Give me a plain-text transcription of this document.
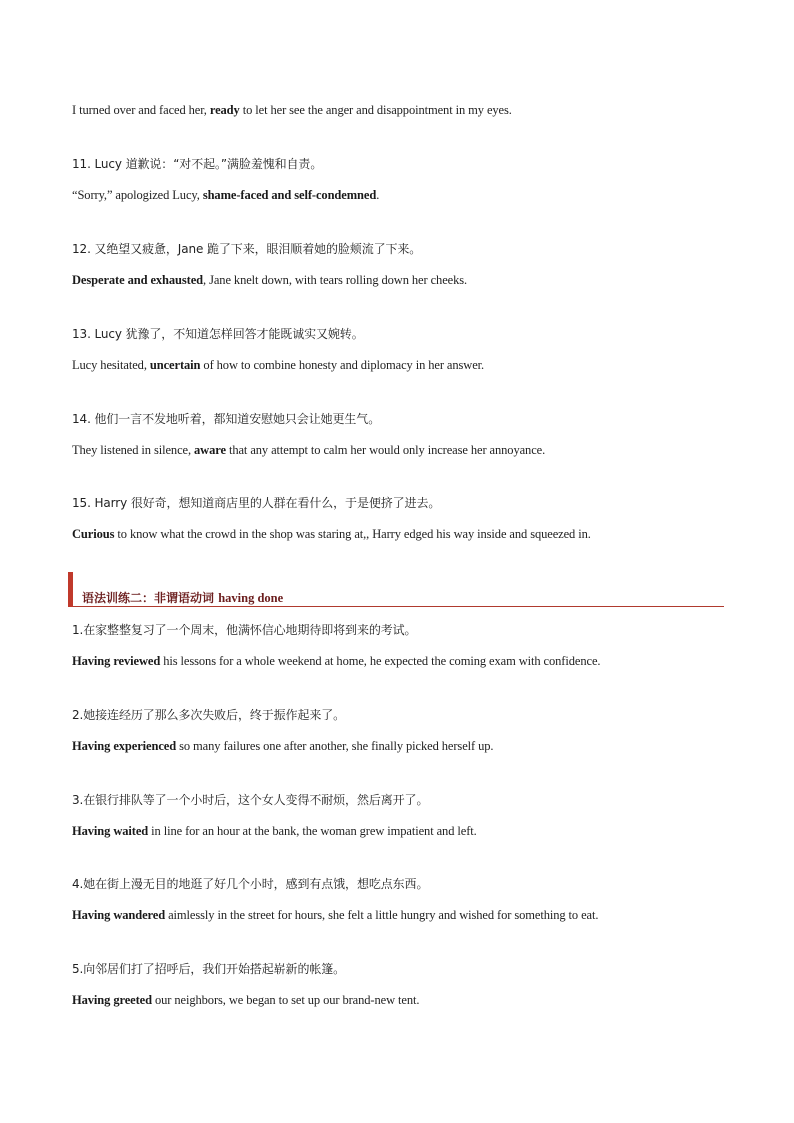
I turned over and faced her, ready to let her see the anger and disappointment in my eyes.
11. Lucy 道歉说：“对不起。”满脸羞愧和自责。
“Sorry,” apologized Lucy, shame-faced and self-condemned.
12. 又绝望又疲惫，Jane 跪了下来，眼泪顺着她的脸颊流了下来。
Desperate and exhausted, Jane knelt down, with tears rolling down her cheeks.
13. Lucy 犹豫了，不知道怎样回答才能既诚实又婉转。
Lucy hesitated, uncertain of how to combine honesty and diplomacy in her answer.
14. 他们一言不发地听着，都知道安慰她只会让她更生气。
They listened in silence, aware that any attempt to calm her would only increase her annoyance.
15. Harry 很好奇，想知道商店里的人群在看什么，于是便挤了进去。
Curious to know what the crowd in the shop was staring at,, Harry edged his way inside and squeezed in.
语法训练二：非谓语动词 having done
1.在家整整复习了一个周末，他满怀信心地期待即将到来的考试。
Having reviewed his lessons for a whole weekend at home, he expected the coming exam with confidence.
2.她接连经历了那么多次失败后，终于振作起来了。
Having experienced so many failures one after another, she finally picked herself up.
3.在银行排队等了一个小时后，这个女人变得不耐烦，然后离开了。
Having waited in line for an hour at the bank, the woman grew impatient and left.
4.她在街上漫无目的地逛了好几个小时，感到有点饿，想吃点东西。
Having wandered aimlessly in the street for hours, she felt a little hungry and wished for something to eat.
5.向邻居们打了招呼后，我们开始搭起崭新的帐篷。
Having greeted our neighbors, we began to set up our brand-new tent.
